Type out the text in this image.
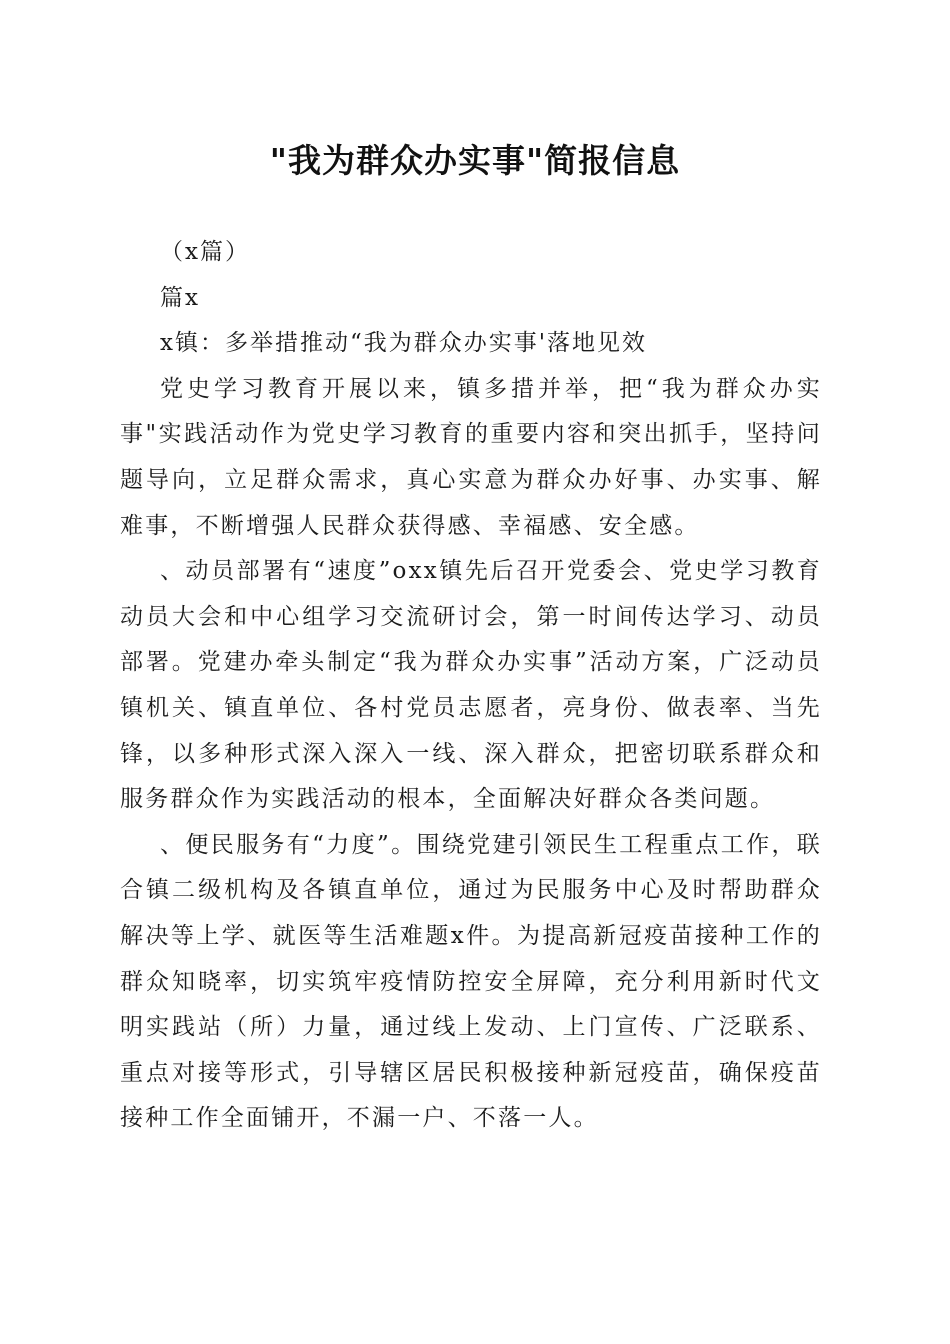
"我为群众办实事"简报信息

（x篇）

篇x

x镇：多举措推动“我为群众办实事'落地见效

党史学习教育开展以来，镇多措并举，把“我为群众办实事"实践活动作为党史学习教育的重要内容和突出抓手，坚持问题导向，立足群众需求，真心实意为群众办好事、办实事、解难事，不断增强人民群众获得感、幸福感、安全感。

、动员部署有“速度”oxx镇先后召开党委会、党史学习教育动员大会和中心组学习交流研讨会，第一时间传达学习、动员部署。党建办牵头制定“我为群众办实事”活动方案，广泛动员镇机关、镇直单位、各村党员志愿者，亮身份、做表率、当先锋，以多种形式深入深入一线、深入群众，把密切联系群众和服务群众作为实践活动的根本，全面解决好群众各类问题。

、便民服务有“力度”。围绕党建引领民生工程重点工作，联合镇二级机构及各镇直单位，通过为民服务中心及时帮助群众解决等上学、就医等生活难题x件。为提高新冠疫苗接种工作的群众知晓率，切实筑牢疫情防控安全屏障，充分利用新时代文明实践站（所）力量，通过线上发动、上门宣传、广泛联系、重点对接等形式，引导辖区居民积极接种新冠疫苗，确保疫苗接种工作全面铺开，不漏一户、不落一人。
